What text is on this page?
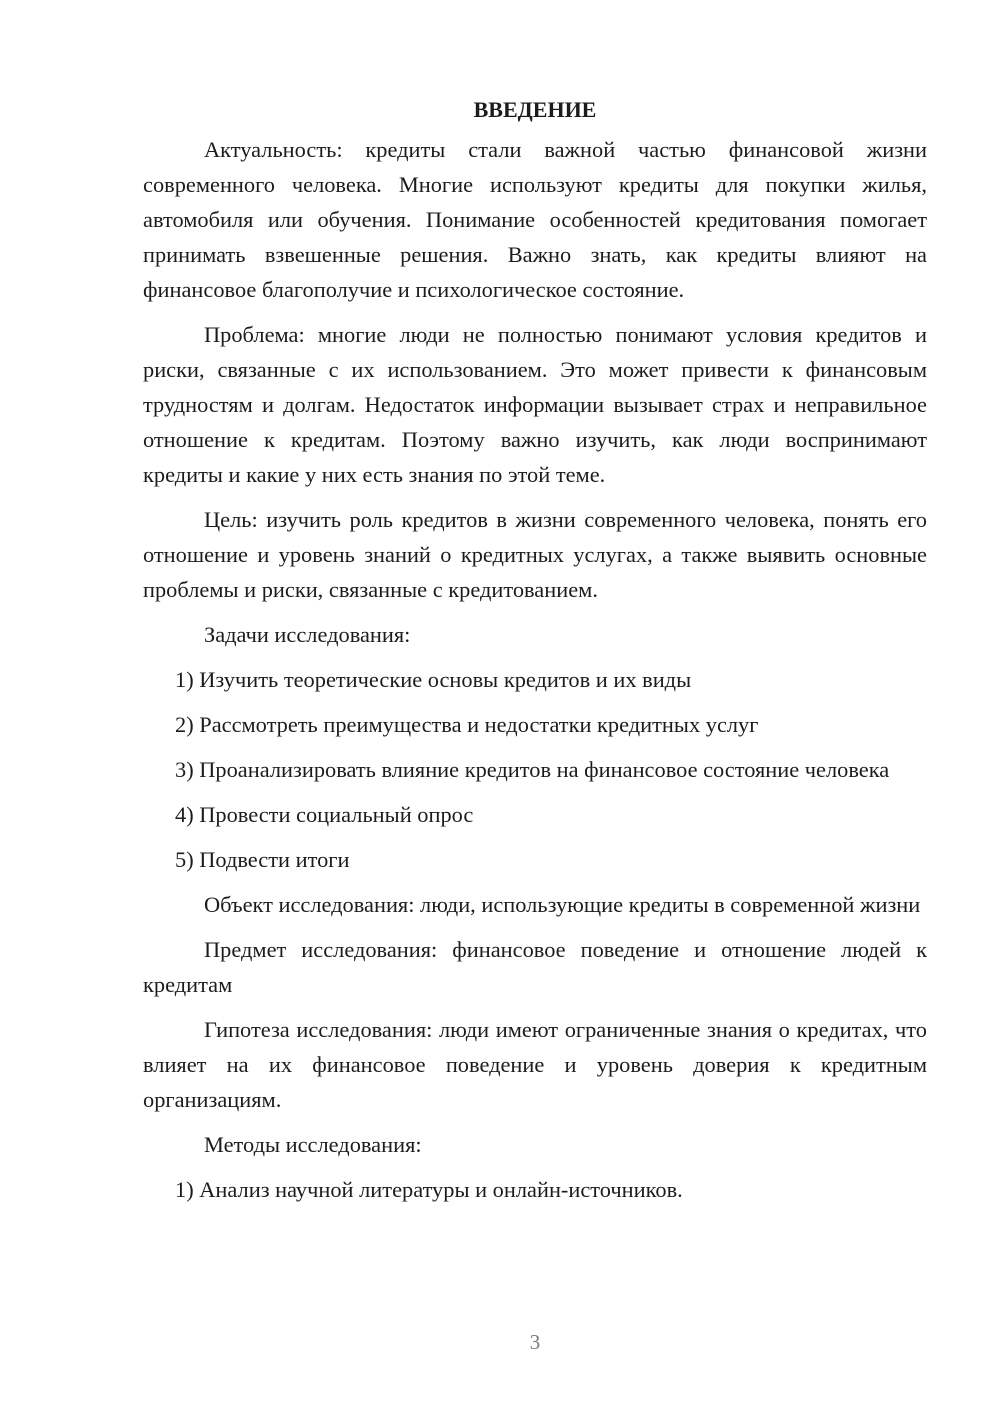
ВВЕДЕНИЕ

Актуальность: кредиты стали важной частью финансовой жизни современного человека. Многие используют кредиты для покупки жилья, автомобиля или обучения. Понимание особенностей кредитования помогает принимать взвешенные решения. Важно знать, как кредиты влияют на финансовое благополучие и психологическое состояние.

Проблема: многие люди не полностью понимают условия кредитов и риски, связанные с их использованием. Это может привести к финансовым трудностям и долгам. Недостаток информации вызывает страх и неправильное отношение к кредитам. Поэтому важно изучить, как люди воспринимают кредиты и какие у них есть знания по этой теме.

Цель: изучить роль кредитов в жизни современного человека, понять его отношение и уровень знаний о кредитных услугах, а также выявить основные проблемы и риски, связанные с кредитованием.

Задачи исследования:

1) Изучить теоретические основы кредитов и их виды

2) Рассмотреть преимущества и недостатки кредитных услуг

3) Проанализировать влияние кредитов на финансовое состояние человека

4) Провести социальный опрос

5) Подвести итоги

Объект исследования: люди, использующие кредиты в современной жизни

Предмет исследования: финансовое поведение и отношение людей к кредитам

Гипотеза исследования: люди имеют ограниченные знания о кредитах, что влияет на их финансовое поведение и уровень доверия к кредитным организациям.

Методы исследования:

1) Анализ научной литературы и онлайн-источников.

3
